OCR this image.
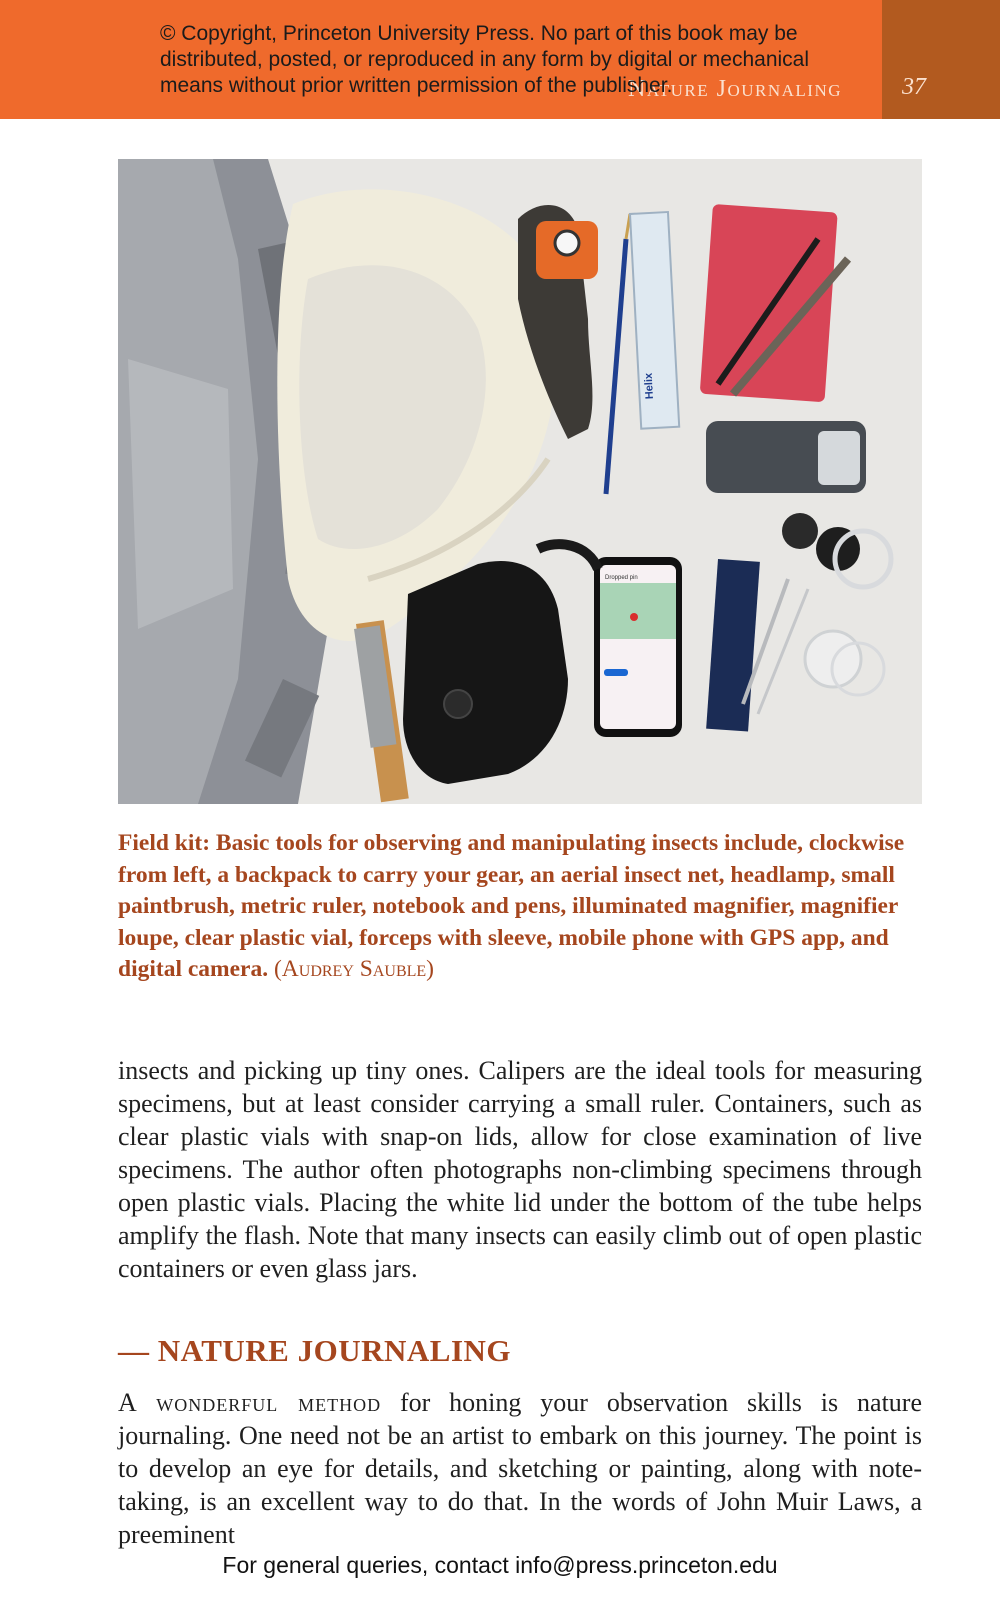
Nature Journaling	37
© Copyright, Princeton University Press. No part of this book may be distributed, posted, or reproduced in any form by digital or mechanical means without prior written permission of the publisher.
Helix
Dropped pin
Field kit: Basic tools for observing and manipulating insects include, clockwise from left, a backpack to carry your gear, an aerial insect net, headlamp, small paintbrush, metric ruler, notebook and pens, illuminated magnifier, magnifier loupe, clear plastic vial, forceps with sleeve, mobile phone with GPS app, and digital camera. (Audrey Sauble)

insects and picking up tiny ones. Calipers are the ideal tools for measuring specimens, but at least consider carrying a small ruler. Containers, such as clear plastic vials with snap-on lids, allow for close examination of live specimens. The author often photographs non-climbing specimens through open plastic vials. Placing the white lid under the bottom of the tube helps amplify the flash. Note that many insects can easily climb out of open plastic containers or even glass jars.

— NATURE JOURNALING

A wonderful method for honing your observation skills is nature journaling. One need not be an artist to embark on this journey. The point is to develop an eye for details, and sketching or painting, along with note-taking, is an excellent way to do that. In the words of John Muir Laws, a preeminent

For general queries, contact info@press.princeton.edu
